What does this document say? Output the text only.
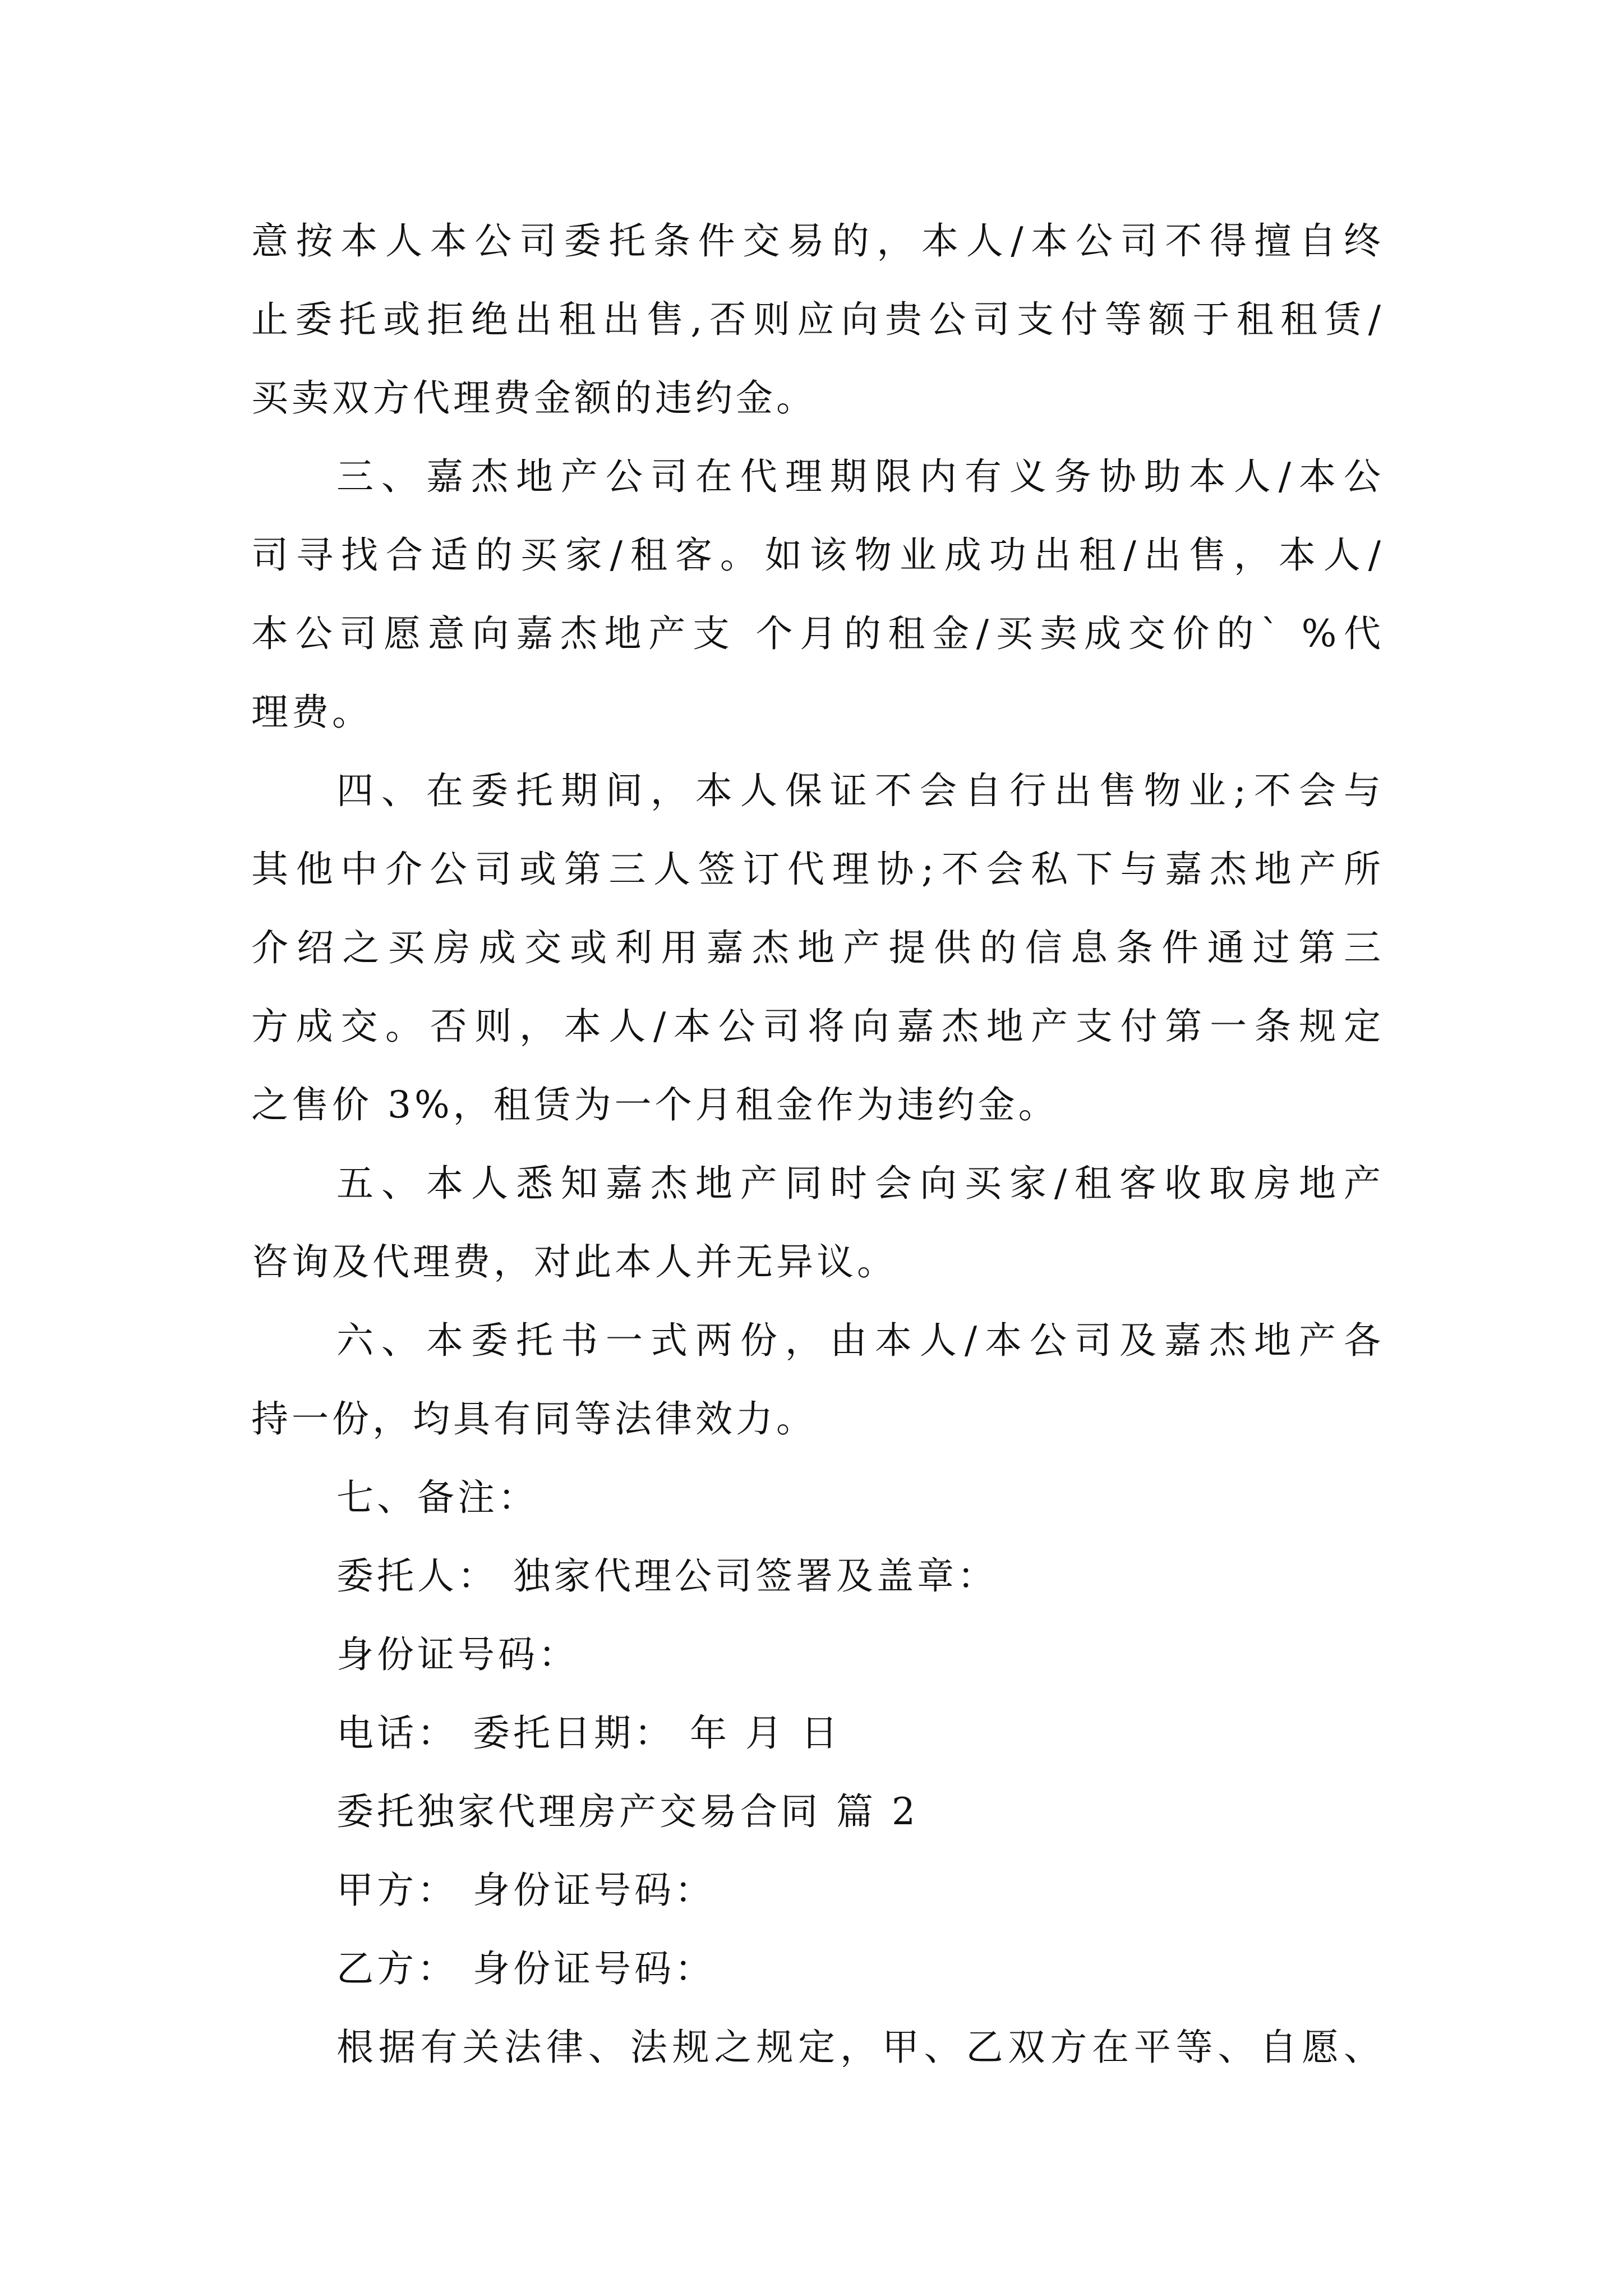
意按本人本公司委托条件交易的，本人/本公司不得擅自终
止委托或拒绝出租出售,否则应向贵公司支付等额于租租赁/
买卖双方代理费金额的违约金。
三、嘉杰地产公司在代理期限内有义务协助本人/本公
司寻找合适的买家/租客。如该物业成功出租/出售，本人/
本公司愿意向嘉杰地产支 个月的租金/买卖成交价的` %代
理费。
四、在委托期间，本人保证不会自行出售物业;不会与
其他中介公司或第三人签订代理协;不会私下与嘉杰地产所
介绍之买房成交或利用嘉杰地产提供的信息条件通过第三
方成交。否则，本人/本公司将向嘉杰地产支付第一条规定
之售价 3%，租赁为一个月租金作为违约金。
五、本人悉知嘉杰地产同时会向买家/租客收取房地产
咨询及代理费，对此本人并无异议。
六、本委托书一式两份，由本人/本公司及嘉杰地产各
持一份，均具有同等法律效力。
七、备注：
委托人： 独家代理公司签署及盖章：
身份证号码：
电话： 委托日期： 年 月 日
委托独家代理房产交易合同 篇 2
甲方： 身份证号码：
乙方： 身份证号码：
根据有关法律、法规之规定，甲、乙双方在平等、自愿、
